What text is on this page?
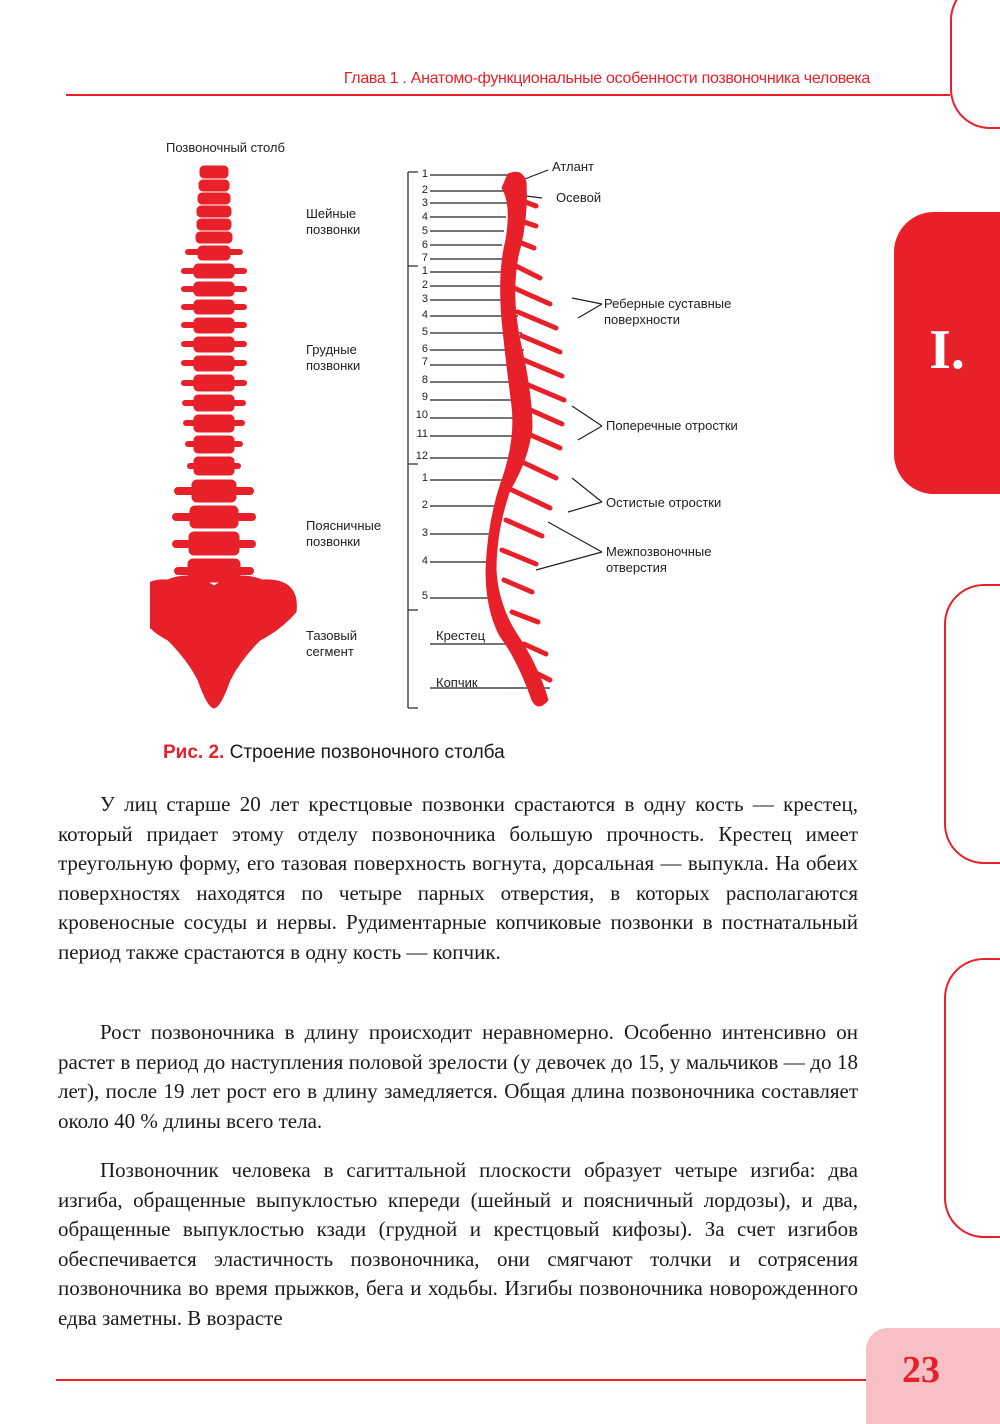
Глава 1 . Анатомо-функциональные особенности позвоночника человека
I.
Позвоночный столб
Шейные позвонки
Грудные позвонки
Поясничные позвонки
Тазовый сегмент
1
2
3
4
5
6
7
1
2
3
4
5
6
7
8
9
10
11
12
1
2
3
4
5
Крестец
Копчик
Атлант
Осевой
Реберные суставные поверхности
Поперечные отростки
Остистые отростки
Межпозвоночные отверстия
Рис. 2. Строение позвоночного столба

У лиц старше 20 лет крестцовые позвонки срастаются в одну кость — крестец, который придает этому отделу позвоночника большую прочность. Крестец имеет треугольную форму, его тазовая поверхность вогнута, дорсальная — выпукла. На обеих поверхностях находятся по четыре парных отверстия, в которых располагаются кровеносные сосуды и нервы. Рудиментарные копчиковые позвонки в постнатальный период также срастаются в одну кость — копчик.

Рост позвоночника в длину происходит неравномерно. Особенно интенсивно он растет в период до наступления половой зрелости (у девочек до 15, у мальчиков — до 18 лет), после 19 лет рост его в длину замедляется. Общая длина позвоночника составляет около 40 % длины всего тела.

Позвоночник человека в сагиттальной плоскости образует четыре изгиба: два изгиба, обращенные выпуклостью кпереди (шейный и поясничный лордозы), и два, обращенные выпуклостью кзади (грудной и крестцовый кифозы). За счет изгибов обеспечивается эластичность позвоночника, они смягчают толчки и сотрясения позвоночника во время прыжков, бега и ходьбы. Изгибы позвоночника новорожденного едва заметны. В возрасте

23
